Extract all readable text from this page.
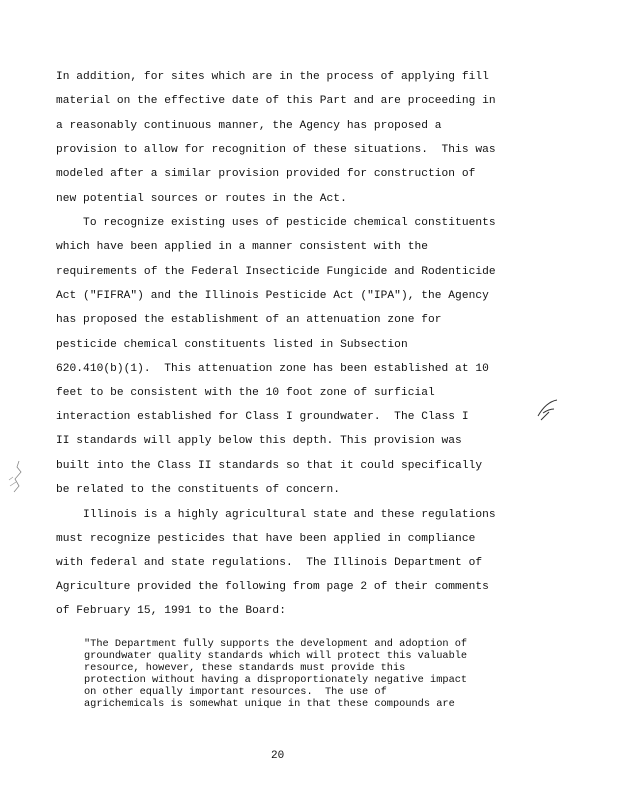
In addition, for sites which are in the process of applying fill
material on the effective date of this Part and are proceeding in
a reasonably continuous manner, the Agency has proposed a
provision to allow for recognition of these situations.  This was
modeled after a similar provision provided for construction of
new potential sources or routes in the Act.
To recognize existing uses of pesticide chemical constituents
which have been applied in a manner consistent with the
requirements of the Federal Insecticide Fungicide and Rodenticide
Act ("FIFRA") and the Illinois Pesticide Act ("IPA"), the Agency
has proposed the establishment of an attenuation zone for
pesticide chemical constituents listed in Subsection
620.410(b)(1).  This attenuation zone has been established at 10
feet to be consistent with the 10 foot zone of surficial
interaction established for Class I groundwater.  The Class I
II standards will apply below this depth. This provision was
built into the Class II standards so that it could specifically
be related to the constituents of concern.
Illinois is a highly agricultural state and these regulations
must recognize pesticides that have been applied in compliance
with federal and state regulations.  The Illinois Department of
Agriculture provided the following from page 2 of their comments
of February 15, 1991 to the Board:
"The Department fully supports the development and adoption of
groundwater quality standards which will protect this valuable
resource, however, these standards must provide this
protection without having a disproportionately negative impact
on other equally important resources.  The use of
agrichemicals is somewhat unique in that these compounds are
20
